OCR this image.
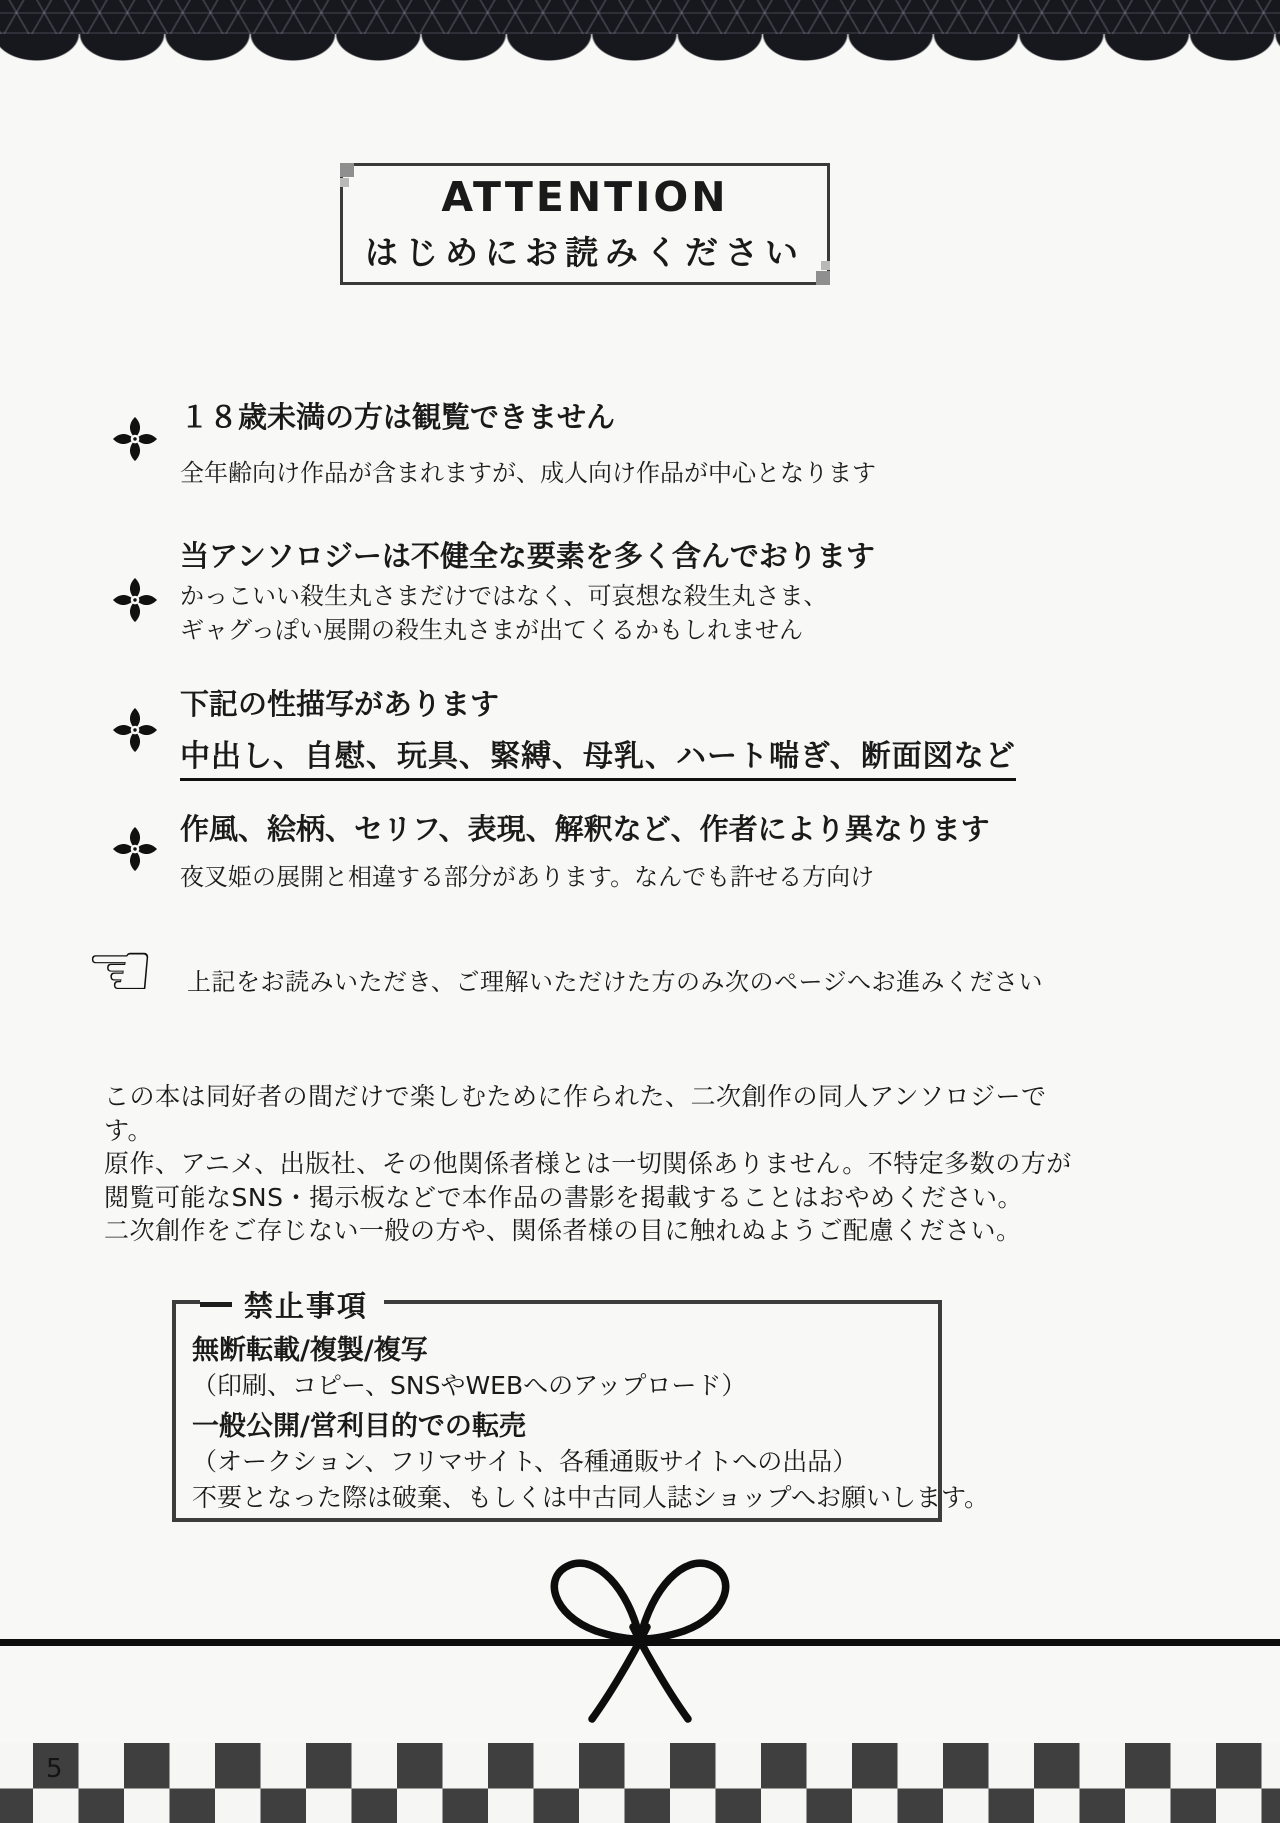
ATTENTION
はじめにお読みください
１８歳未満の方は観覧できません
全年齢向け作品が含まれますが、成人向け作品が中心となります
当アンソロジーは不健全な要素を多く含んでおります
かっこいい殺生丸さまだけではなく、可哀想な殺生丸さま、
ギャグっぽい展開の殺生丸さまが出てくるかもしれません
下記の性描写があります
中出し、自慰、玩具、緊縛、母乳、ハート喘ぎ、断面図など
作風、絵柄、セリフ、表現、解釈など、作者により異なります
夜叉姫の展開と相違する部分があります。なんでも許せる方向け
☜ 上記をお読みいただき、ご理解いただけた方のみ次のページへお進みください
この本は同好者の間だけで楽しむために作られた、二次創作の同人アンソロジーです。
原作、アニメ、出版社、その他関係者様とは一切関係ありません。不特定多数の方が
閲覧可能なSNS・掲示板などで本作品の書影を掲載することはおやめください。
二次創作をご存じない一般の方や、関係者様の目に触れぬようご配慮ください。
禁止事項
無断転載/複製/複写
（印刷、コピー、SNSやWEBへのアップロード）
一般公開/営利目的での転売
（オークション、フリマサイト、各種通販サイトへの出品）
不要となった際は破棄、もしくは中古同人誌ショップへお願いします。
5
